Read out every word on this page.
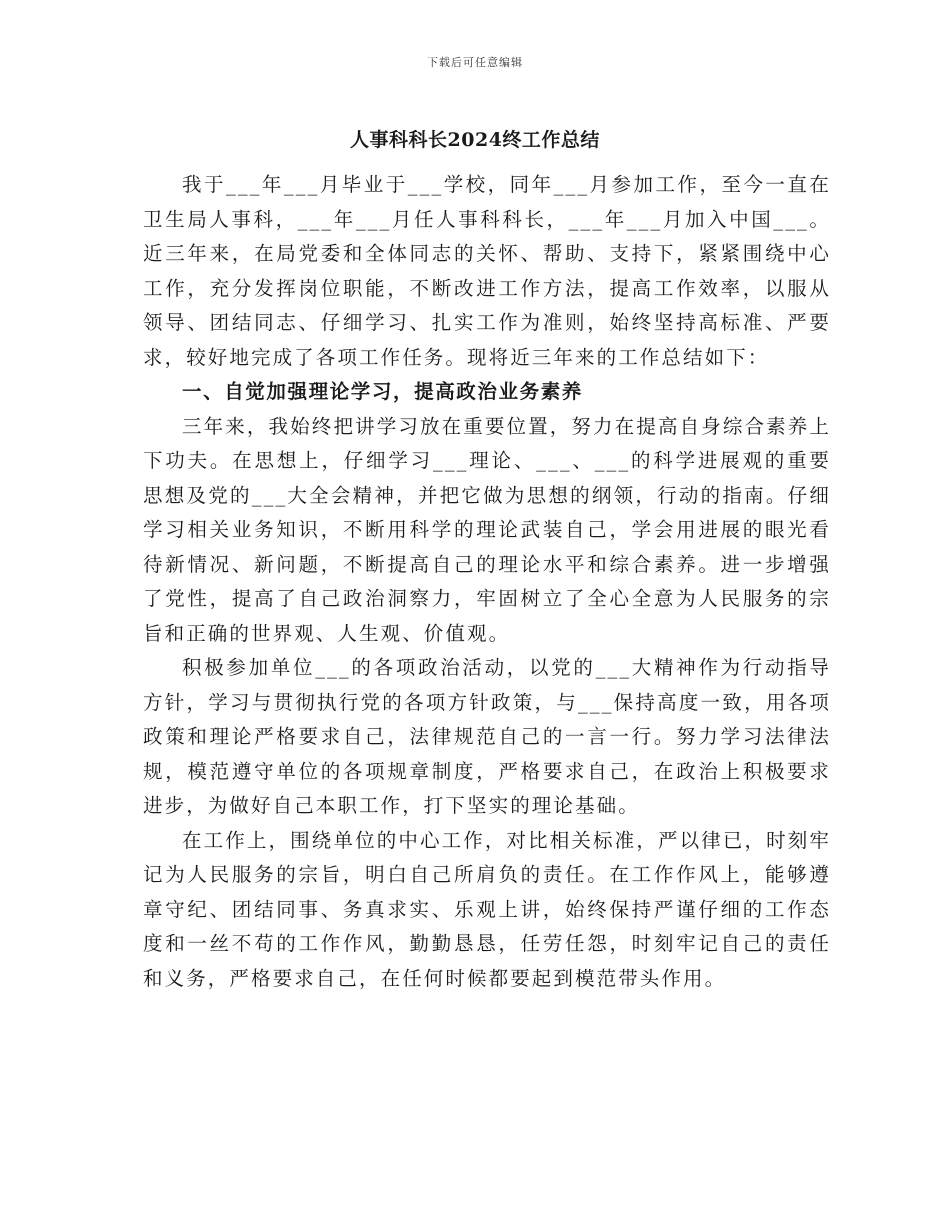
下载后可任意编辑
人事科科长2024终工作总结

我于___年___月毕业于___学校，同年___月参加工作，至今一直在卫生局人事科，___年___月任人事科科长，___年___月加入中国___。近三年来，在局党委和全体同志的关怀、帮助、支持下，紧紧围绕中心工作，充分发挥岗位职能，不断改进工作方法，提高工作效率，以服从领导、团结同志、仔细学习、扎实工作为准则，始终坚持高标准、严要求，较好地完成了各项工作任务。现将近三年来的工作总结如下：

一、自觉加强理论学习，提高政治业务素养

三年来，我始终把讲学习放在重要位置，努力在提高自身综合素养上下功夫。在思想上，仔细学习___理论、___、___的科学进展观的重要思想及党的___大全会精神，并把它做为思想的纲领，行动的指南。仔细学习相关业务知识，不断用科学的理论武装自己，学会用进展的眼光看待新情况、新问题，不断提高自己的理论水平和综合素养。进一步增强了党性，提高了自己政治洞察力，牢固树立了全心全意为人民服务的宗旨和正确的世界观、人生观、价值观。

积极参加单位___的各项政治活动，以党的___大精神作为行动指导方针，学习与贯彻执行党的各项方针政策，与___保持高度一致，用各项政策和理论严格要求自己，法律规范自己的一言一行。努力学习法律法规，模范遵守单位的各项规章制度，严格要求自己，在政治上积极要求进步，为做好自己本职工作，打下坚实的理论基础。

在工作上，围绕单位的中心工作，对比相关标准，严以律已，时刻牢记为人民服务的宗旨，明白自己所肩负的责任。在工作作风上，能够遵章守纪、团结同事、务真求实、乐观上讲，始终保持严谨仔细的工作态度和一丝不苟的工作作风，勤勤恳恳，任劳任怨，时刻牢记自己的责任和义务，严格要求自己，在任何时候都要起到模范带头作用。
